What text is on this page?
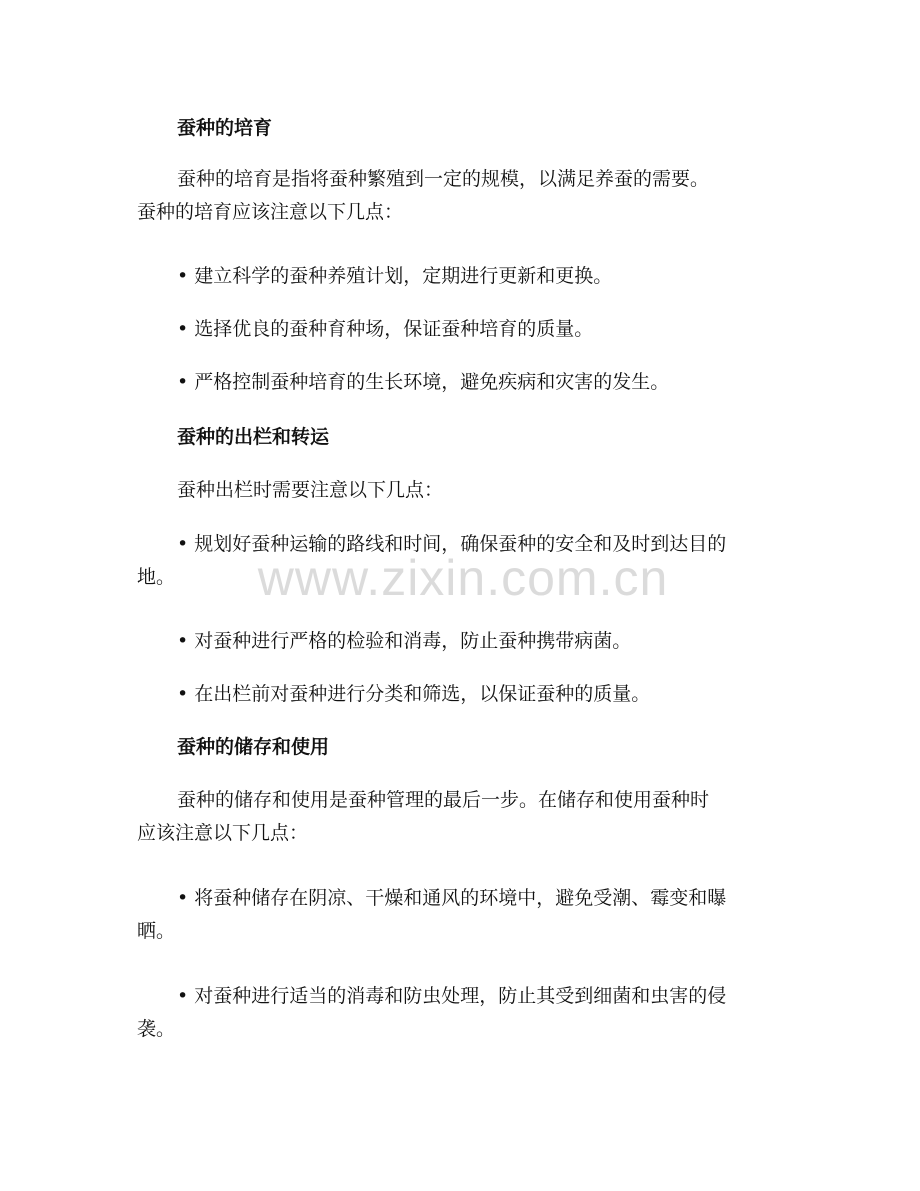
蚕种的培育

蚕种的培育是指将蚕种繁殖到一定的规模，以满足养蚕的需要。
蚕种的培育应该注意以下几点：

• 建立科学的蚕种养殖计划，定期进行更新和更换。

• 选择优良的蚕种育种场，保证蚕种培育的质量。

• 严格控制蚕种培育的生长环境，避免疾病和灾害的发生。

蚕种的出栏和转运

蚕种出栏时需要注意以下几点：

• 规划好蚕种运输的路线和时间，确保蚕种的安全和及时到达目的
地。

• 对蚕种进行严格的检验和消毒，防止蚕种携带病菌。

• 在出栏前对蚕种进行分类和筛选，以保证蚕种的质量。

蚕种的储存和使用

蚕种的储存和使用是蚕种管理的最后一步。在储存和使用蚕种时
应该注意以下几点：

• 将蚕种储存在阴凉、干燥和通风的环境中，避免受潮、霉变和曝
晒。

• 对蚕种进行适当的消毒和防虫处理，防止其受到细菌和虫害的侵
袭。

www.zixin.com.cn
